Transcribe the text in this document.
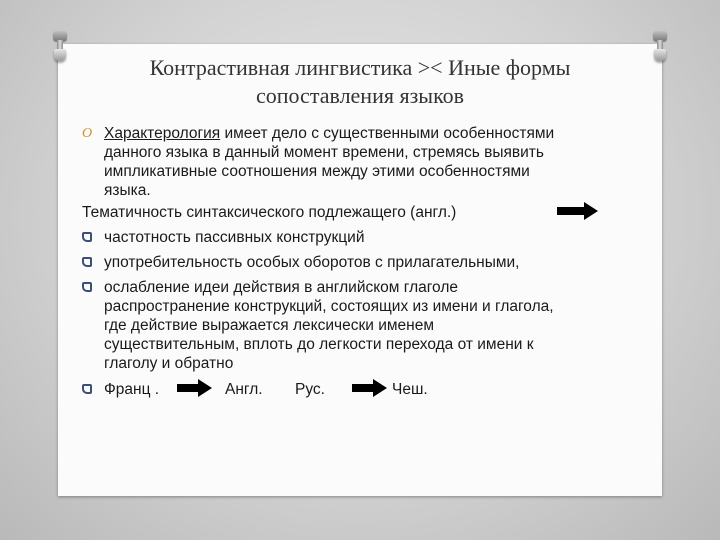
Контрастивная лингвистика >< Иные формы
сопоставления языков
O Характерология имеет дело с существенными особенностями
данного языка в данный момент времени, стремясь выявить
импликативные соотношения между этими особенностями
языка.
Тематичность синтаксического подлежащего (англ.)
частотность пассивных конструкций
употребительность особых оборотов с прилагательными,
ослабление идеи действия в английском глаголе
распространение конструкций, состоящих из имени и глагола,
где действие выражается лексически именем
существительным, вплоть до легкости перехода от имени к
глаголу и обратно
Франц .	Англ. Рус.	Чеш.
